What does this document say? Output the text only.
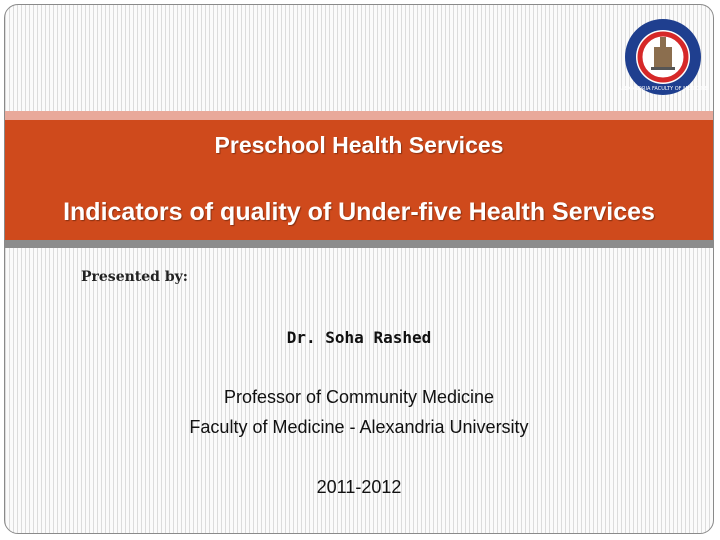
ALEXANDRIA FACULTY OF MEDICINE
Preschool Health Services
Indicators of quality of Under-five Health Services
Presented by:
Dr. Soha Rashed
Professor of Community Medicine
Faculty of Medicine - Alexandria University
2011-2012
